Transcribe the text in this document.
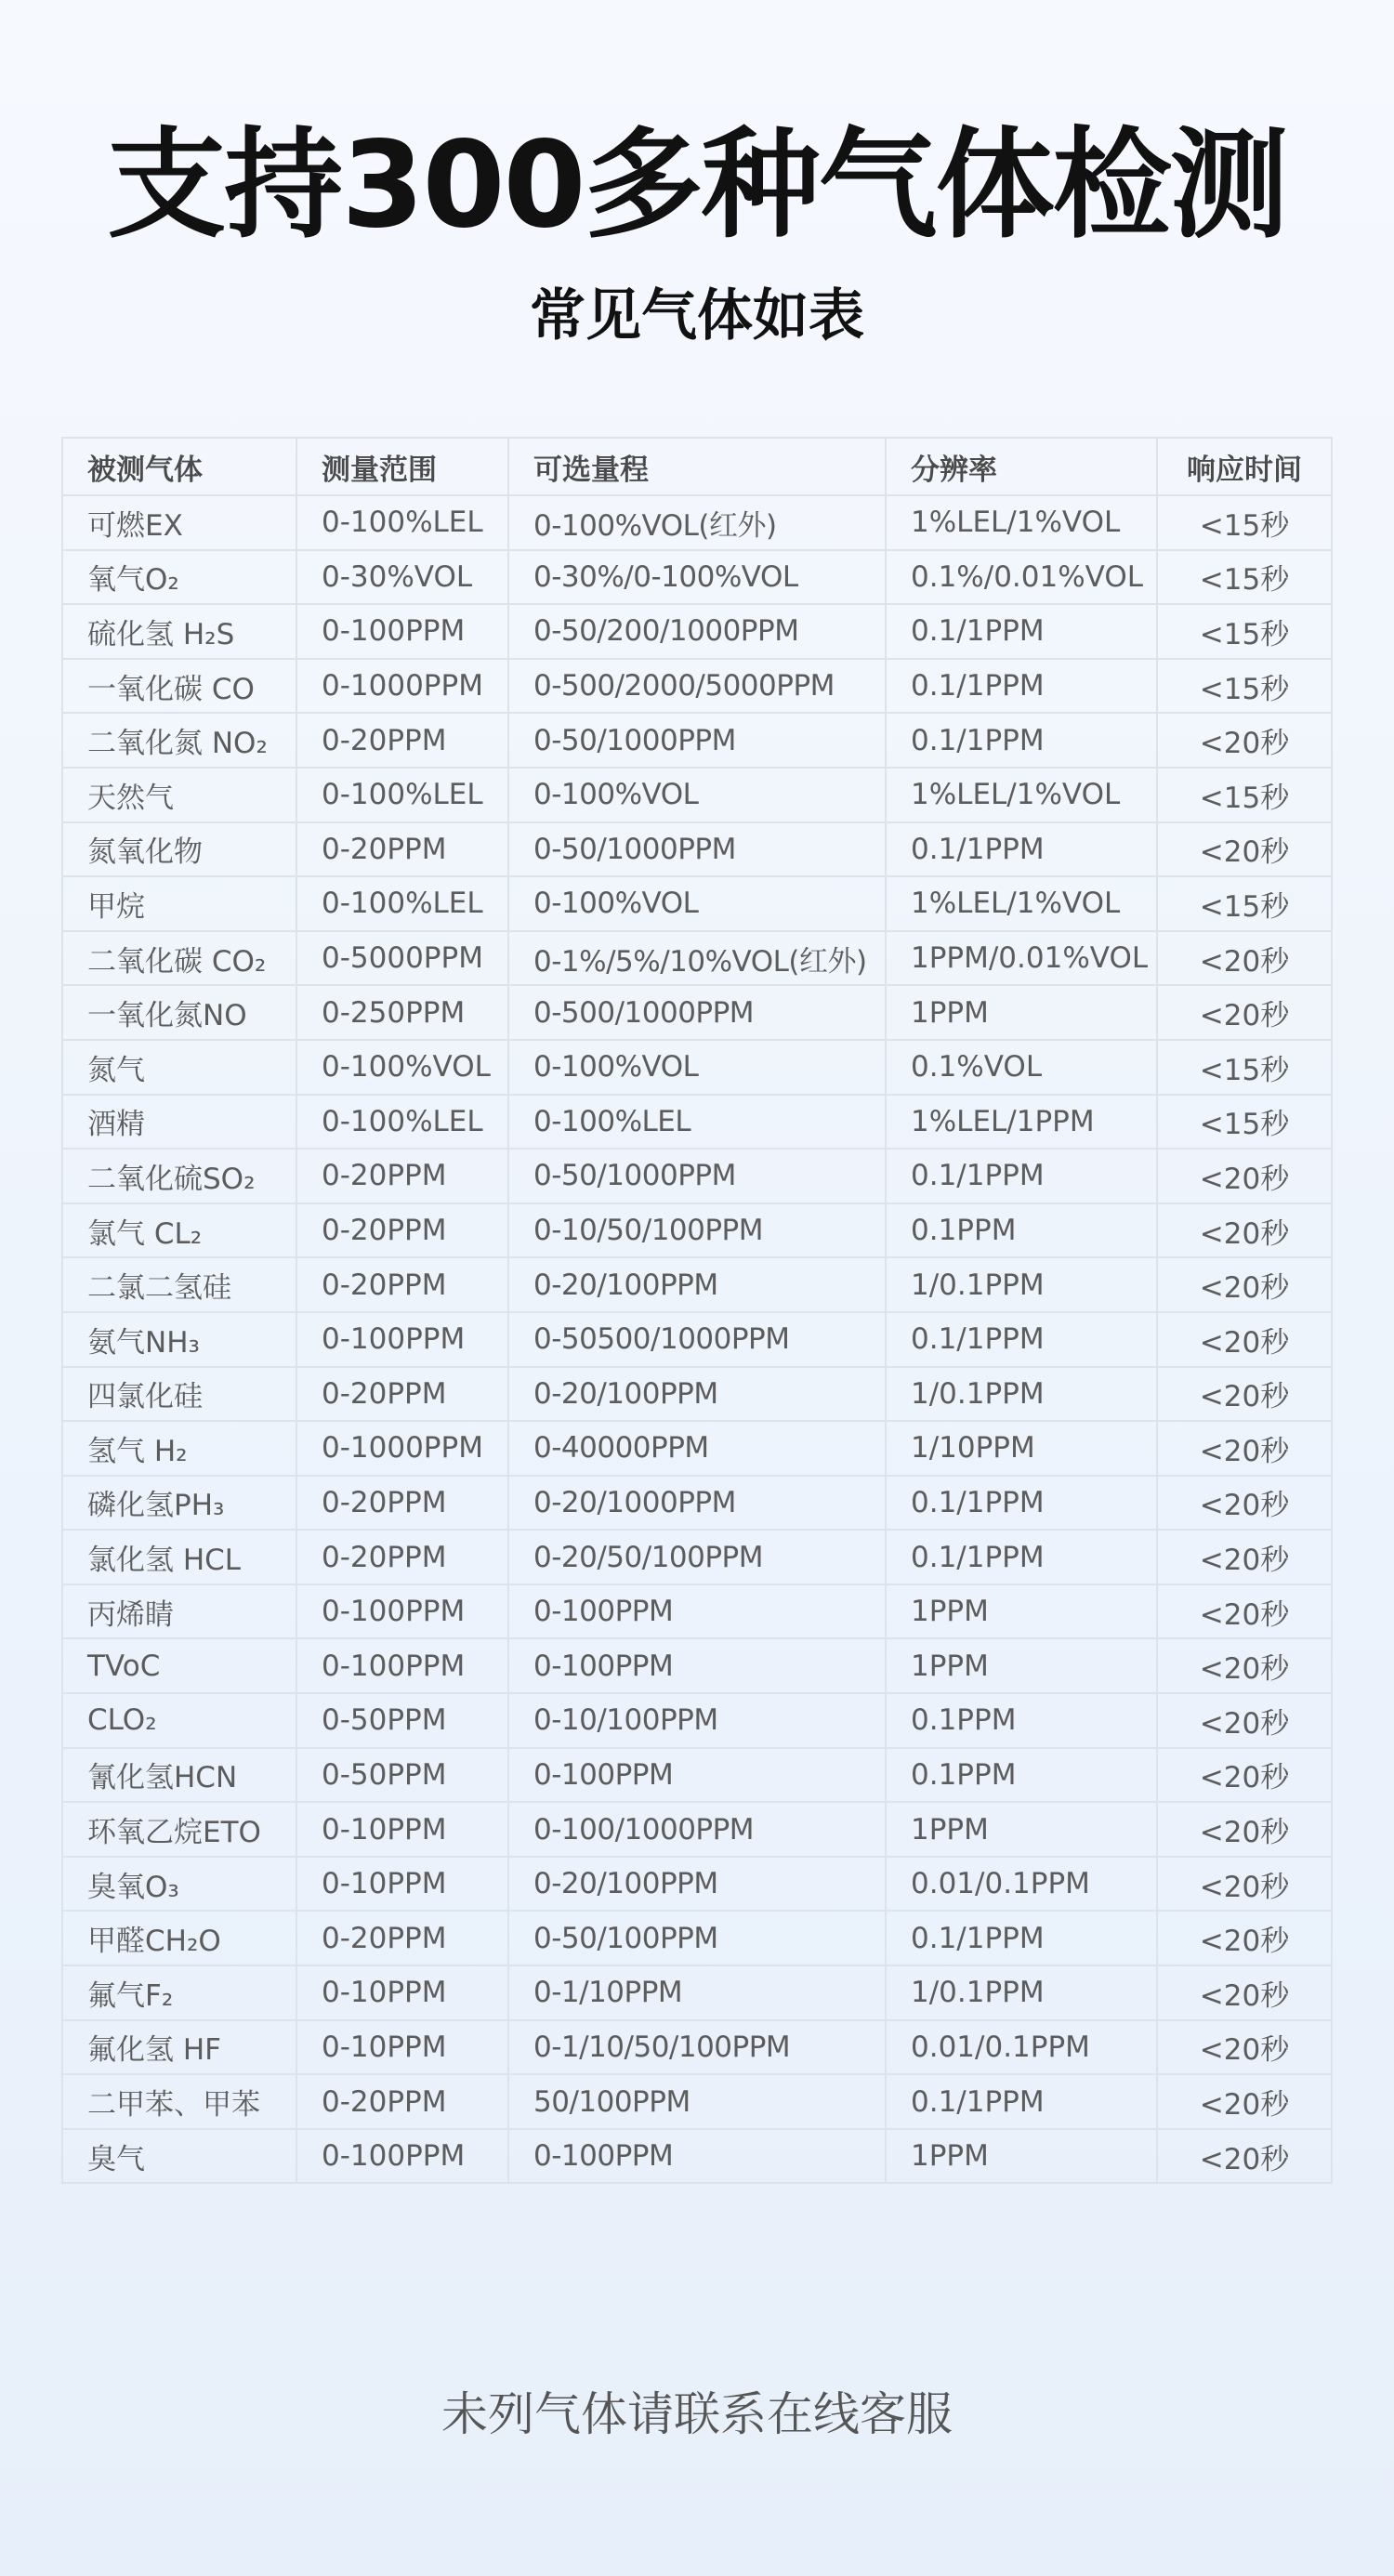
支持300多种气体检测
常见气体如表
被测气体	测量范围	可选量程	分辨率	响应时间
可燃EX	0-100%LEL	0-100%VOL(红外)	1%LEL/1%VOL	<15秒
氧气O₂	0-30%VOL	0-30%/0-100%VOL	0.1%/0.01%VOL	<15秒
硫化氢 H₂S	0-100PPM	0-50/200/1000PPM	0.1/1PPM	<15秒
一氧化碳 CO	0-1000PPM	0-500/2000/5000PPM	0.1/1PPM	<15秒
二氧化氮 NO₂	0-20PPM	0-50/1000PPM	0.1/1PPM	<20秒
天然气	0-100%LEL	0-100%VOL	1%LEL/1%VOL	<15秒
氮氧化物	0-20PPM	0-50/1000PPM	0.1/1PPM	<20秒
甲烷	0-100%LEL	0-100%VOL	1%LEL/1%VOL	<15秒
二氧化碳 CO₂	0-5000PPM	0-1%/5%/10%VOL(红外)	1PPM/0.01%VOL	<20秒
一氧化氮NO	0-250PPM	0-500/1000PPM	1PPM	<20秒
氮气	0-100%VOL	0-100%VOL	0.1%VOL	<15秒
酒精	0-100%LEL	0-100%LEL	1%LEL/1PPM	<15秒
二氧化硫SO₂	0-20PPM	0-50/1000PPM	0.1/1PPM	<20秒
氯气 CL₂	0-20PPM	0-10/50/100PPM	0.1PPM	<20秒
二氯二氢硅	0-20PPM	0-20/100PPM	1/0.1PPM	<20秒
氨气NH₃	0-100PPM	0-50500/1000PPM	0.1/1PPM	<20秒
四氯化硅	0-20PPM	0-20/100PPM	1/0.1PPM	<20秒
氢气 H₂	0-1000PPM	0-40000PPM	1/10PPM	<20秒
磷化氢PH₃	0-20PPM	0-20/1000PPM	0.1/1PPM	<20秒
氯化氢 HCL	0-20PPM	0-20/50/100PPM	0.1/1PPM	<20秒
丙烯睛	0-100PPM	0-100PPM	1PPM	<20秒
TVoC	0-100PPM	0-100PPM	1PPM	<20秒
CLO₂	0-50PPM	0-10/100PPM	0.1PPM	<20秒
氰化氢HCN	0-50PPM	0-100PPM	0.1PPM	<20秒
环氧乙烷ETO	0-10PPM	0-100/1000PPM	1PPM	<20秒
臭氧O₃	0-10PPM	0-20/100PPM	0.01/0.1PPM	<20秒
甲醛CH₂O	0-20PPM	0-50/100PPM	0.1/1PPM	<20秒
氟气F₂	0-10PPM	0-1/10PPM	1/0.1PPM	<20秒
氟化氢 HF	0-10PPM	0-1/10/50/100PPM	0.01/0.1PPM	<20秒
二甲苯、甲苯	0-20PPM	50/100PPM	0.1/1PPM	<20秒
臭气	0-100PPM	0-100PPM	1PPM	<20秒

未列气体请联系在线客服
